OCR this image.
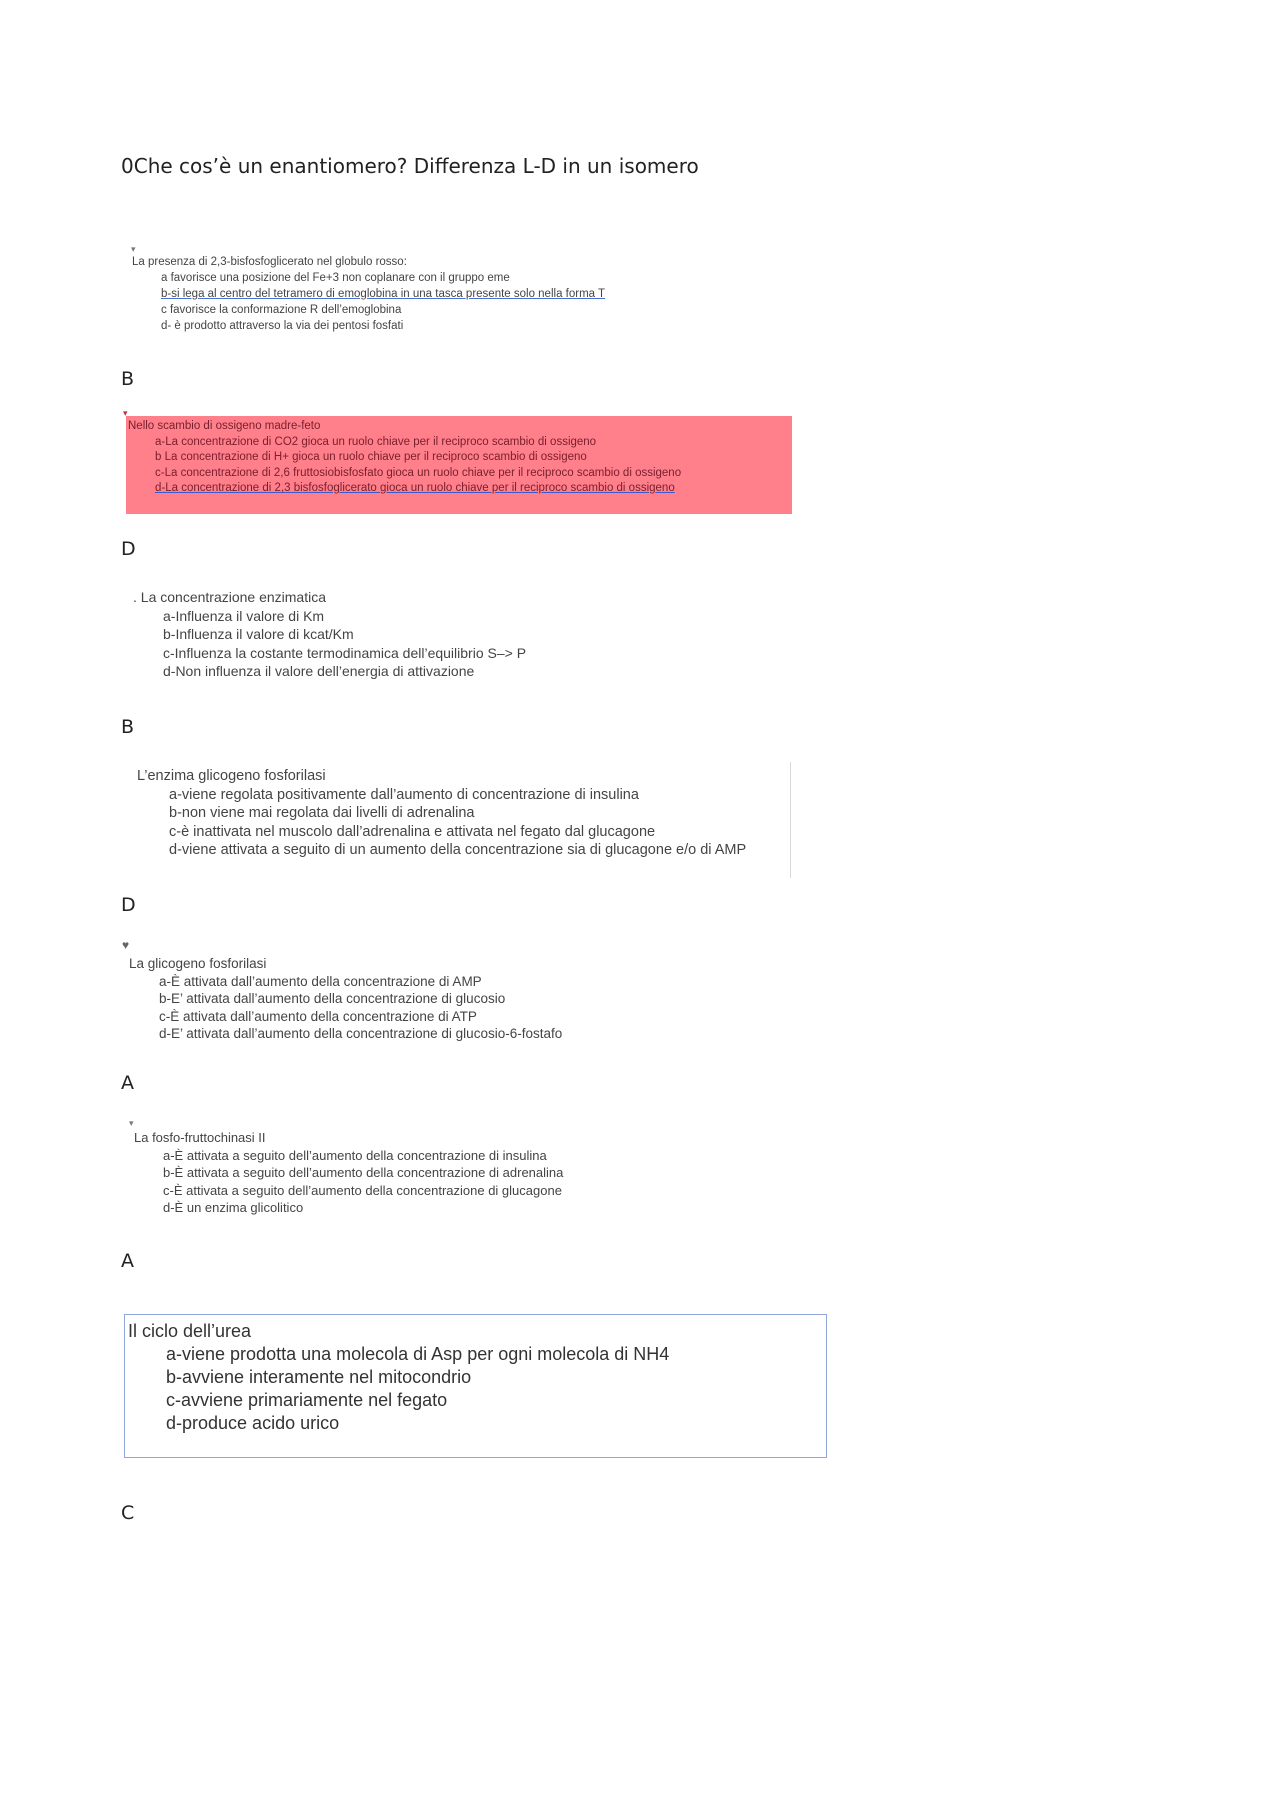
0Che cos’è un enantiomero? Differenza L-D in un isomero
▾
La presenza di 2,3-bisfosfoglicerato nel globulo rosso:
a favorisce una posizione del Fe+3 non coplanare con il gruppo eme
b-si lega al centro del tetramero di emoglobina in una tasca presente solo nella forma T
c favorisce la conformazione R dell’emoglobina
d- è prodotto attraverso la via dei pentosi fosfati
B
▾
Nello scambio di ossigeno madre-feto
a-La concentrazione di CO2 gioca un ruolo chiave per il reciproco scambio di ossigeno
b La concentrazione di H+ gioca un ruolo chiave per il reciproco scambio di ossigeno
c-La concentrazione di 2,6 fruttosiobisfosfato gioca un ruolo chiave per il reciproco scambio di ossigeno
d-La concentrazione di 2,3 bisfosfoglicerato gioca un ruolo chiave per il reciproco scambio di ossigeno
D
. La concentrazione enzimatica
a-Influenza il valore di Km
b-Influenza il valore di kcat/Km
c-Influenza la costante termodinamica dell’equilibrio S–> P
d-Non influenza il valore dell’energia di attivazione
B
L’enzima glicogeno fosforilasi
a-viene regolata positivamente dall’aumento di concentrazione di insulina
b-non viene mai regolata dai livelli di adrenalina
c-è inattivata nel muscolo dall’adrenalina e attivata nel fegato dal glucagone
d-viene attivata a seguito di un aumento della concentrazione sia di glucagone e/o di AMP
D
♥
La glicogeno fosforilasi
a-È attivata dall’aumento della concentrazione di AMP
b-E’ attivata dall’aumento della concentrazione di glucosio
c-È attivata dall’aumento della concentrazione di ATP
d-E’ attivata dall’aumento della concentrazione di glucosio-6-fostafo
A
▾
La fosfo-fruttochinasi II
a-È attivata a seguito dell’aumento della concentrazione di insulina
b-È attivata a seguito dell’aumento della concentrazione di adrenalina
c-È attivata a seguito dell’aumento della concentrazione di glucagone
d-È un enzima glicolitico
A
Il ciclo dell’urea
a-viene prodotta una molecola di Asp per ogni molecola di NH4
b-avviene interamente nel mitocondrio
c-avviene primariamente nel fegato
d-produce acido urico
C
